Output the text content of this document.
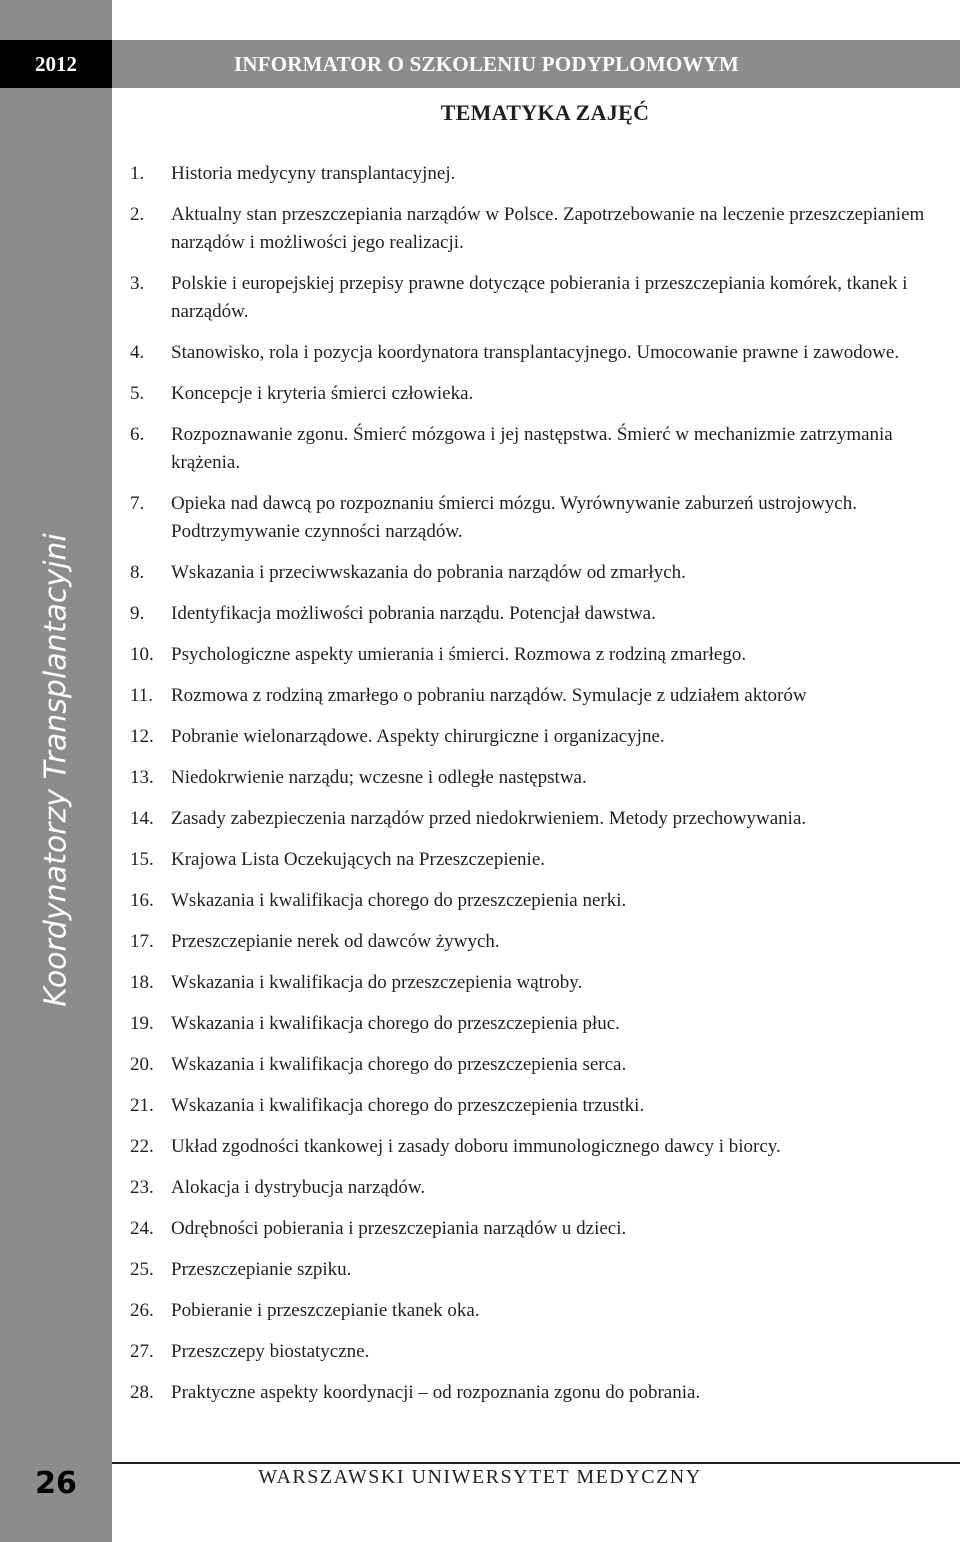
Koordynatorzy Transplantacyjni
26
2012	INFORMATOR O SZKOLENIU PODYPLOMOWYM
TEMATYKA ZAJĘĆ
1.	Historia medycyny transplantacyjnej.
2.	Aktualny stan przeszczepiania narządów w Polsce. Zapotrzebowanie na leczenie przeszczepianiem narządów i możliwości jego realizacji.
3.	Polskie i europejskiej przepisy prawne dotyczące pobierania i przeszczepiania komórek, tkanek i narządów.
4.	Stanowisko, rola i pozycja koordynatora transplantacyjnego. Umocowanie prawne i zawodowe.
5.	Koncepcje i kryteria śmierci człowieka.
6.	Rozpoznawanie zgonu. Śmierć mózgowa i jej następstwa. Śmierć w mechanizmie zatrzymania krążenia.
7.	Opieka nad dawcą po rozpoznaniu śmierci mózgu. Wyrównywanie zaburzeń ustrojowych. Podtrzymywanie czynności narządów.
8.	Wskazania i przeciwwskazania do pobrania narządów od zmarłych.
9.	Identyfikacja możliwości pobrania narządu. Potencjał dawstwa.
10. Psychologiczne aspekty umierania i śmierci. Rozmowa z rodziną zmarłego.
11. Rozmowa z rodziną zmarłego o pobraniu narządów. Symulacje z udziałem aktorów
12. Pobranie wielonarządowe. Aspekty chirurgiczne i organizacyjne.
13. Niedokrwienie narządu; wczesne i odległe następstwa.
14. Zasady zabezpieczenia narządów przed niedokrwieniem. Metody przechowywania.
15. Krajowa Lista Oczekujących na Przeszczepienie.
16. Wskazania i kwalifikacja chorego do przeszczepienia nerki.
17. Przeszczepianie nerek od dawców żywych.
18. Wskazania i kwalifikacja do przeszczepienia wątroby.
19. Wskazania i kwalifikacja chorego do przeszczepienia płuc.
20. Wskazania i kwalifikacja chorego do przeszczepienia serca.
21. Wskazania i kwalifikacja chorego do przeszczepienia trzustki.
22. Układ zgodności tkankowej i zasady doboru immunologicznego dawcy i biorcy.
23. Alokacja i dystrybucja narządów.
24. Odrębności pobierania i przeszczepiania narządów u dzieci.
25. Przeszczepianie szpiku.
26. Pobieranie i przeszczepianie tkanek oka.
27. Przeszczepy biostatyczne.
28. Praktyczne aspekty koordynacji – od rozpoznania zgonu do pobrania.
WARSZAWSKI UNIWERSYTET MEDYCZNY
